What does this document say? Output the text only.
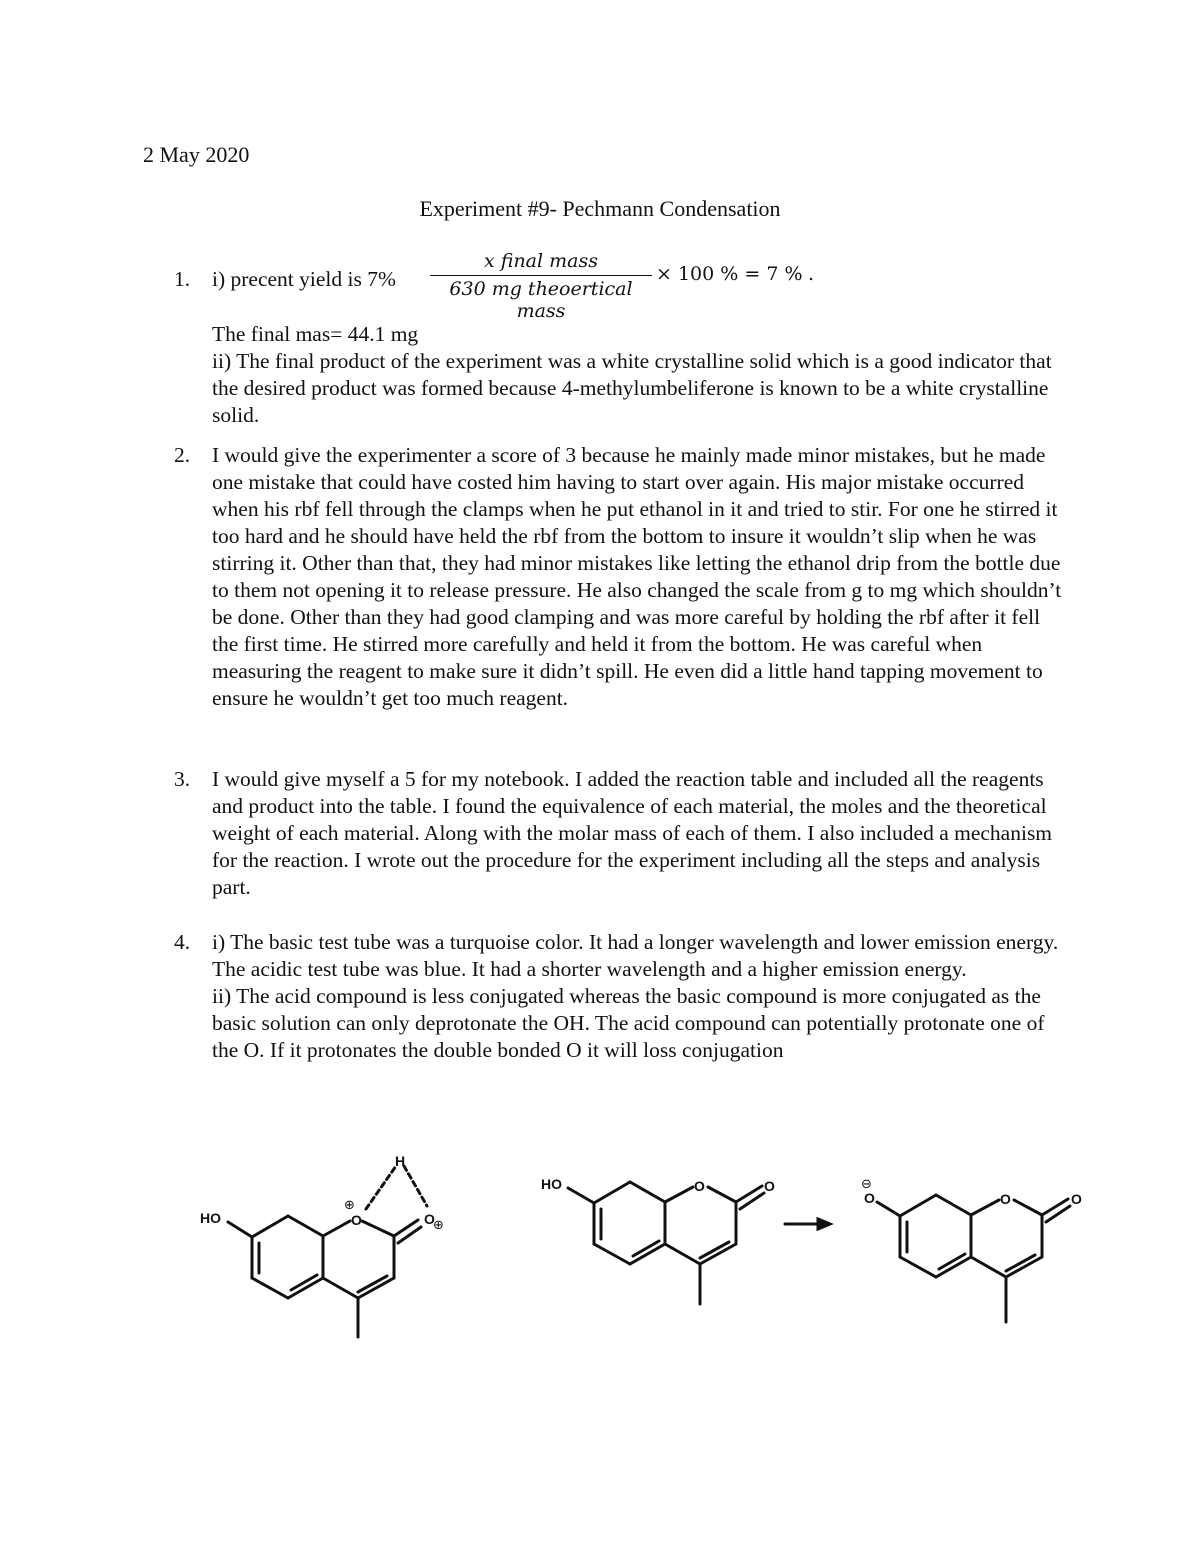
2 May 2020
Experiment #9- Pechmann Condensation
1. i) precent yield is 7%

The final mas= 44.1 mg

ii) The final product of the experiment was a white crystalline solid which is a good indicator that the desired product was formed because 4-methylumbeliferone is known to be a white crystalline solid.

x final mass
630 mg theoertical mass
× 100 % = 7 % .
2. I would give the experimenter a score of 3 because he mainly made minor mistakes, but he made one mistake that could have costed him having to start over again. His major mistake occurred when his rbf fell through the clamps when he put ethanol in it and tried to stir. For one he stirred it too hard and he should have held the rbf from the bottom to insure it wouldn’t slip when he was stirring it. Other than that, they had minor mistakes like letting the ethanol drip from the bottle due to them not opening it to release pressure. He also changed the scale from g to mg which shouldn’t be done. Other than they had good clamping and was more careful by holding the rbf after it fell the first time. He stirred more carefully and held it from the bottom. He was careful when measuring the reagent to make sure it didn’t spill. He even did a little hand tapping movement to ensure he wouldn’t get too much reagent.

3. I would give myself a 5 for my notebook. I added the reaction table and included all the reagents and product into the table. I found the equivalence of each material, the moles and the theoretical weight of each material. Along with the molar mass of each of them. I also included a mechanism for the reaction. I wrote out the procedure for the experiment including all the steps and analysis part.

4. i) The basic test tube was a turquoise color. It had a longer wavelength and lower emission energy. The acidic test tube was blue. It had a shorter wavelength and a higher emission energy.

ii) The acid compound is less conjugated whereas the basic compound is more conjugated as the basic solution can only deprotonate the OH. The acid compound can potentially protonate one of the O. If it protonates the double bonded O it will loss conjugation

HO	O	O
H
⊕
⊕
HO	O	O
O
⊖
O	O
